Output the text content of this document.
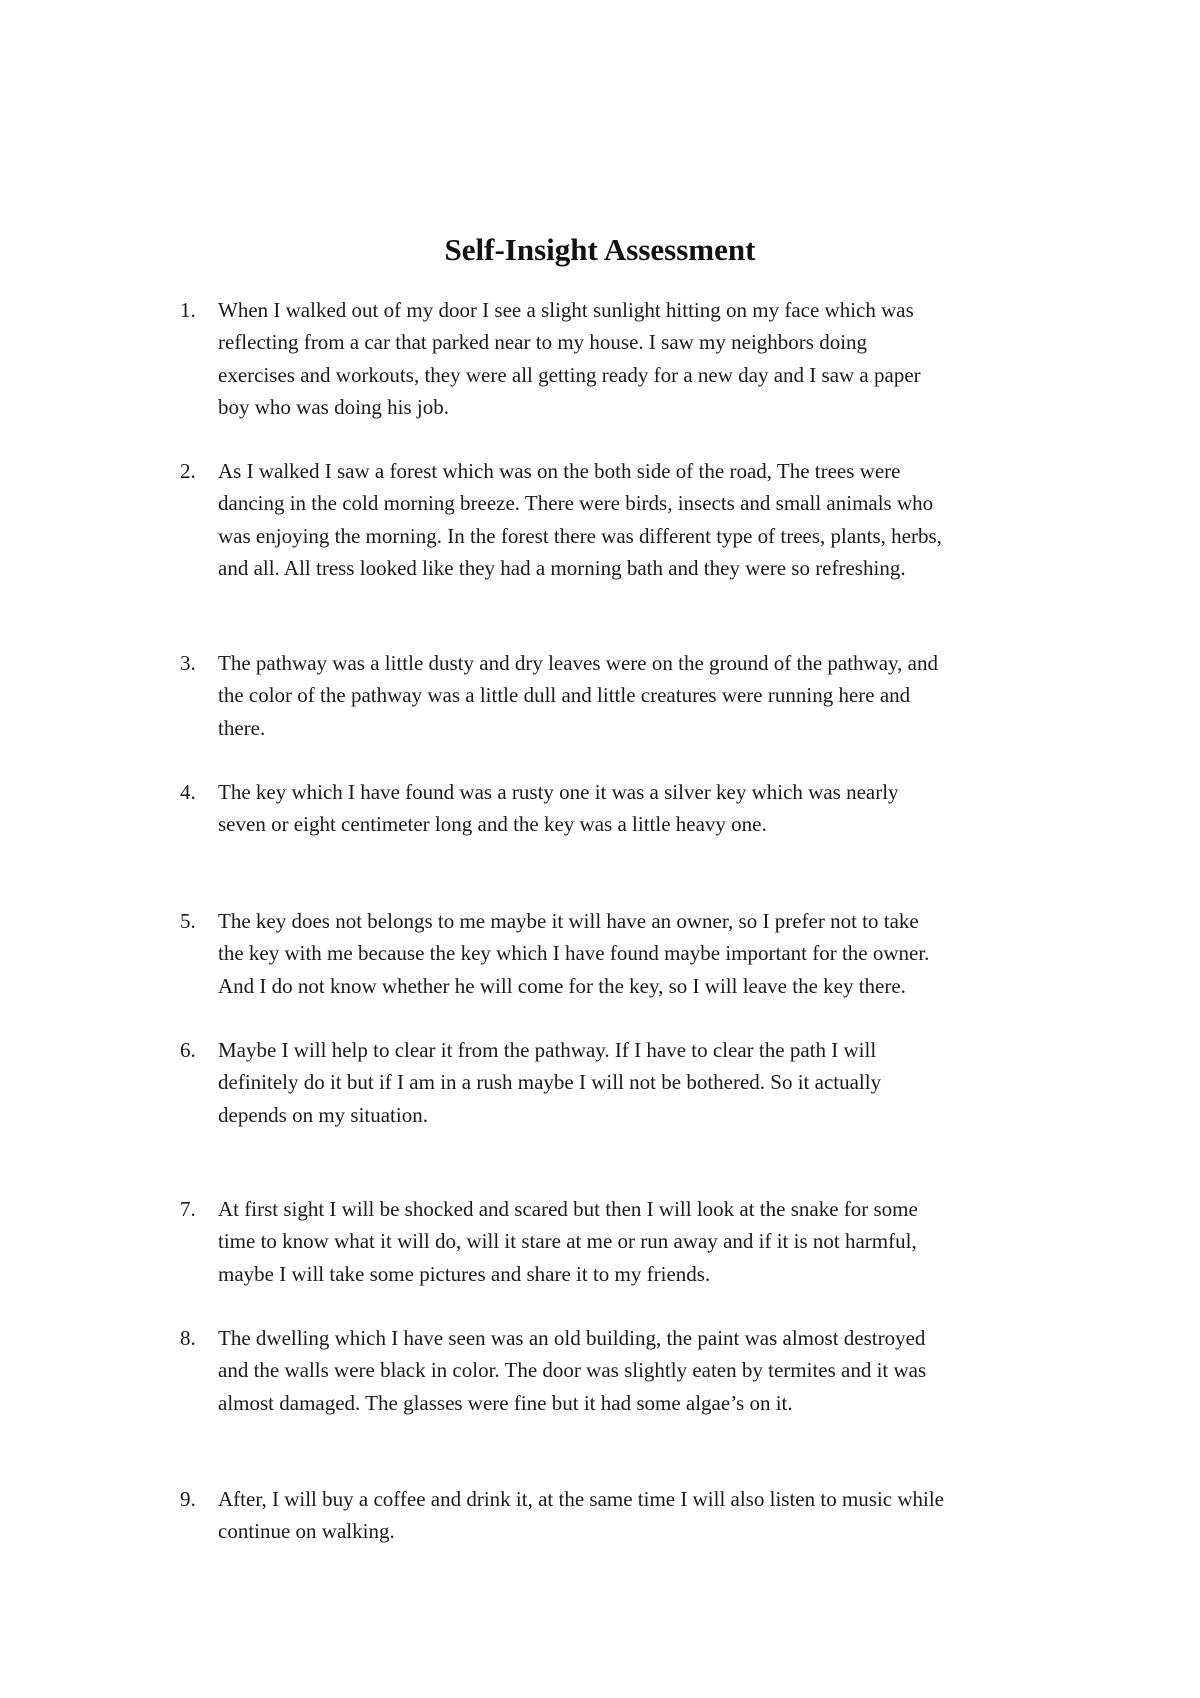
Self-Insight Assessment
1.	When I walked out of my door I see a slight sunlight hitting on my face which was
reflecting from a car that parked near to my house. I saw my neighbors doing
exercises and workouts, they were all getting ready for a new day and I saw a paper
boy who was doing his job.
2.	As I walked I saw a forest which was on the both side of the road, The trees were
dancing in the cold morning breeze. There were birds, insects and small animals who
was enjoying the morning. In the forest there was different type of trees, plants, herbs,
and all. All tress looked like they had a morning bath and they were so refreshing.
3.	The pathway was a little dusty and dry leaves were on the ground of the pathway, and
the color of the pathway was a little dull and little creatures were running here and
there.
4.	The key which I have found was a rusty one it was a silver key which was nearly
seven or eight centimeter long and the key was a little heavy one.
5.	The key does not belongs to me maybe it will have an owner, so I prefer not to take
the key with me because the key which I have found maybe important for the owner.
And I do not know whether he will come for the key, so I will leave the key there.
6.	Maybe I will help to clear it from the pathway. If I have to clear the path I will
definitely do it but if I am in a rush maybe I will not be bothered. So it actually
depends on my situation.
7.	At first sight I will be shocked and scared but then I will look at the snake for some
time to know what it will do, will it stare at me or run away and if it is not harmful,
maybe I will take some pictures and share it to my friends.
8.	The dwelling which I have seen was an old building, the paint was almost destroyed
and the walls were black in color. The door was slightly eaten by termites and it was
almost damaged. The glasses were fine but it had some algae’s on it.
9.	After, I will buy a coffee and drink it, at the same time I will also listen to music while
continue on walking.
